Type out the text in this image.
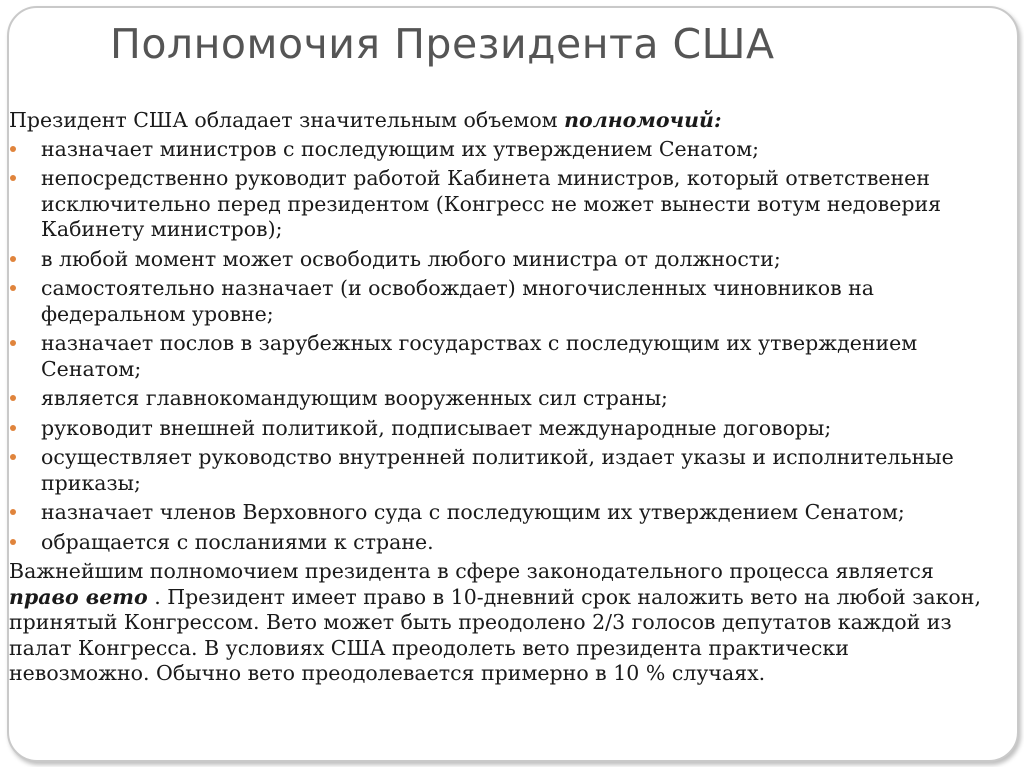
Полномочия Президента США

Президент США обладает значительным объемом полномочий:

назначает министров с последующим их утверждением Сенатом;
непосредственно руководит работой Кабинета министров, который ответственен исключительно перед президентом (Конгресс не может вынести вотум недоверия Кабинету министров);
в любой момент может освободить любого министра от должности;
самостоятельно назначает (и освобождает) многочисленных чиновников на федеральном уровне;
назначает послов в зарубежных государствах с последующим их утверждением Сенатом;
является главнокомандующим вооруженных сил страны;
руководит внешней политикой, подписывает международные договоры;
осуществляет руководство внутренней политикой, издает указы и исполнительные приказы;
назначает членов Верховного суда с последующим их утверждением Сенатом;
обращается с посланиями к стране.

Важнейшим полномочием президента в сфере законодательного процесса является право вето . Президент имеет право в 10-дневний срок наложить вето на любой закон, принятый Конгрессом. Вето может быть преодолено 2/3 голосов депутатов каждой из палат Конгресса. В условиях США преодолеть вето президента практически невозможно. Обычно вето преодолевается примерно в 10 % случаях.
